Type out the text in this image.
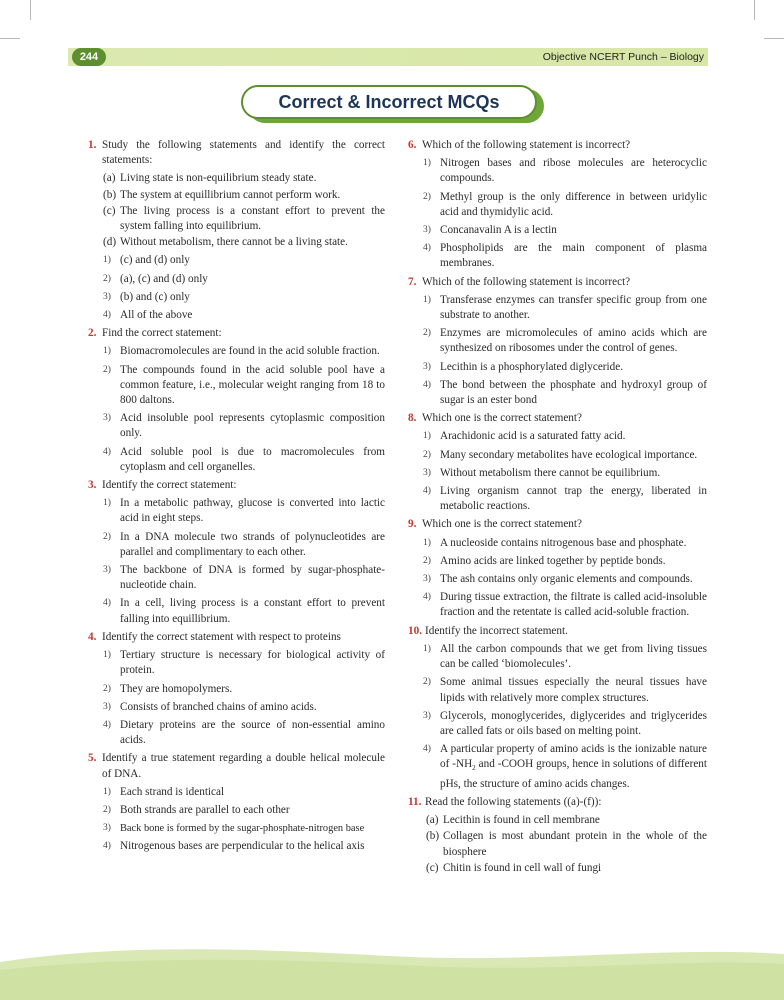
244	Objective NCERT Punch – Biology
Correct & Incorrect MCQs
1. Study the following statements and identify the correct statements:
(a) Living state is non-equilibrium steady state.
(b) The system at equillibrium cannot perform work.
(c) The living process is a constant effort to prevent the system falling into equilibrium.
(d) Without metabolism, there cannot be a living state.
1) (c) and (d) only
2) (a), (c) and (d) only
3) (b) and (c) only
4) All of the above
2. Find the correct statement:
1) Biomacromolecules are found in the acid soluble fraction.
2) The compounds found in the acid soluble pool have a common feature, i.e., molecular weight ranging from 18 to 800 daltons.
3) Acid insoluble pool represents cytoplasmic composition only.
4) Acid soluble pool is due to macromolecules from cytoplasm and cell organelles.
3. Identify the correct statement:
1) In a metabolic pathway, glucose is converted into lactic acid in eight steps.
2) In a DNA molecule two strands of polynucleotides are parallel and complimentary to each other.
3) The backbone of DNA is formed by sugar-phosphate-nucleotide chain.
4) In a cell, living process is a constant effort to prevent falling into equillibrium.
4. Identify the correct statement with respect to proteins
1) Tertiary structure is necessary for biological activity of protein.
2) They are homopolymers.
3) Consists of branched chains of amino acids.
4) Dietary proteins are the source of non-essential amino acids.
5. Identify a true statement regarding a double helical molecule of DNA.
1) Each strand is identical
2) Both strands are parallel to each other
3) Back bone is formed by the sugar-phosphate-nitrogen base
4) Nitrogenous bases are perpendicular to the helical axis
6. Which of the following statement is incorrect?
1) Nitrogen bases and ribose molecules are heterocyclic compounds.
2) Methyl group is the only difference in between uridylic acid and thymidylic acid.
3) Concanavalin A is a lectin
4) Phospholipids are the main component of plasma membranes.
7. Which of the following statement is incorrect?
1) Transferase enzymes can transfer specific group from one substrate to another.
2) Enzymes are micromolecules of amino acids which are synthesized on ribosomes under the control of genes.
3) Lecithin is a phosphorylated diglyceride.
4) The bond between the phosphate and hydroxyl group of sugar is an ester bond
8. Which one is the correct statement?
1) Arachidonic acid is a saturated fatty acid.
2) Many secondary metabolites have ecological importance.
3) Without metabolism there cannot be equilibrium.
4) Living organism cannot trap the energy, liberated in metabolic reactions.
9. Which one is the correct statement?
1) A nucleoside contains nitrogenous base and phosphate.
2) Amino acids are linked together by peptide bonds.
3) The ash contains only organic elements and compounds.
4) During tissue extraction, the filtrate is called acid-insoluble fraction and the retentate is called acid-soluble fraction.
10. Identify the incorrect statement.
1) All the carbon compounds that we get from living tissues can be called ‘biomolecules’.
2) Some animal tissues especially the neural tissues have lipids with relatively more complex structures.
3) Glycerols, monoglycerides, diglycerides and triglycerides are called fats or oils based on melting point.
4) A particular property of amino acids is the ionizable nature of $-NH_2$ and -COOH groups, hence in solutions of different pHs, the structure of amino acids changes.
11. Read the following statements ((a)-(f)):
(a) Lecithin is found in cell membrane
(b) Collagen is most abundant protein in the whole of the biosphere
(c) Chitin is found in cell wall of fungi
